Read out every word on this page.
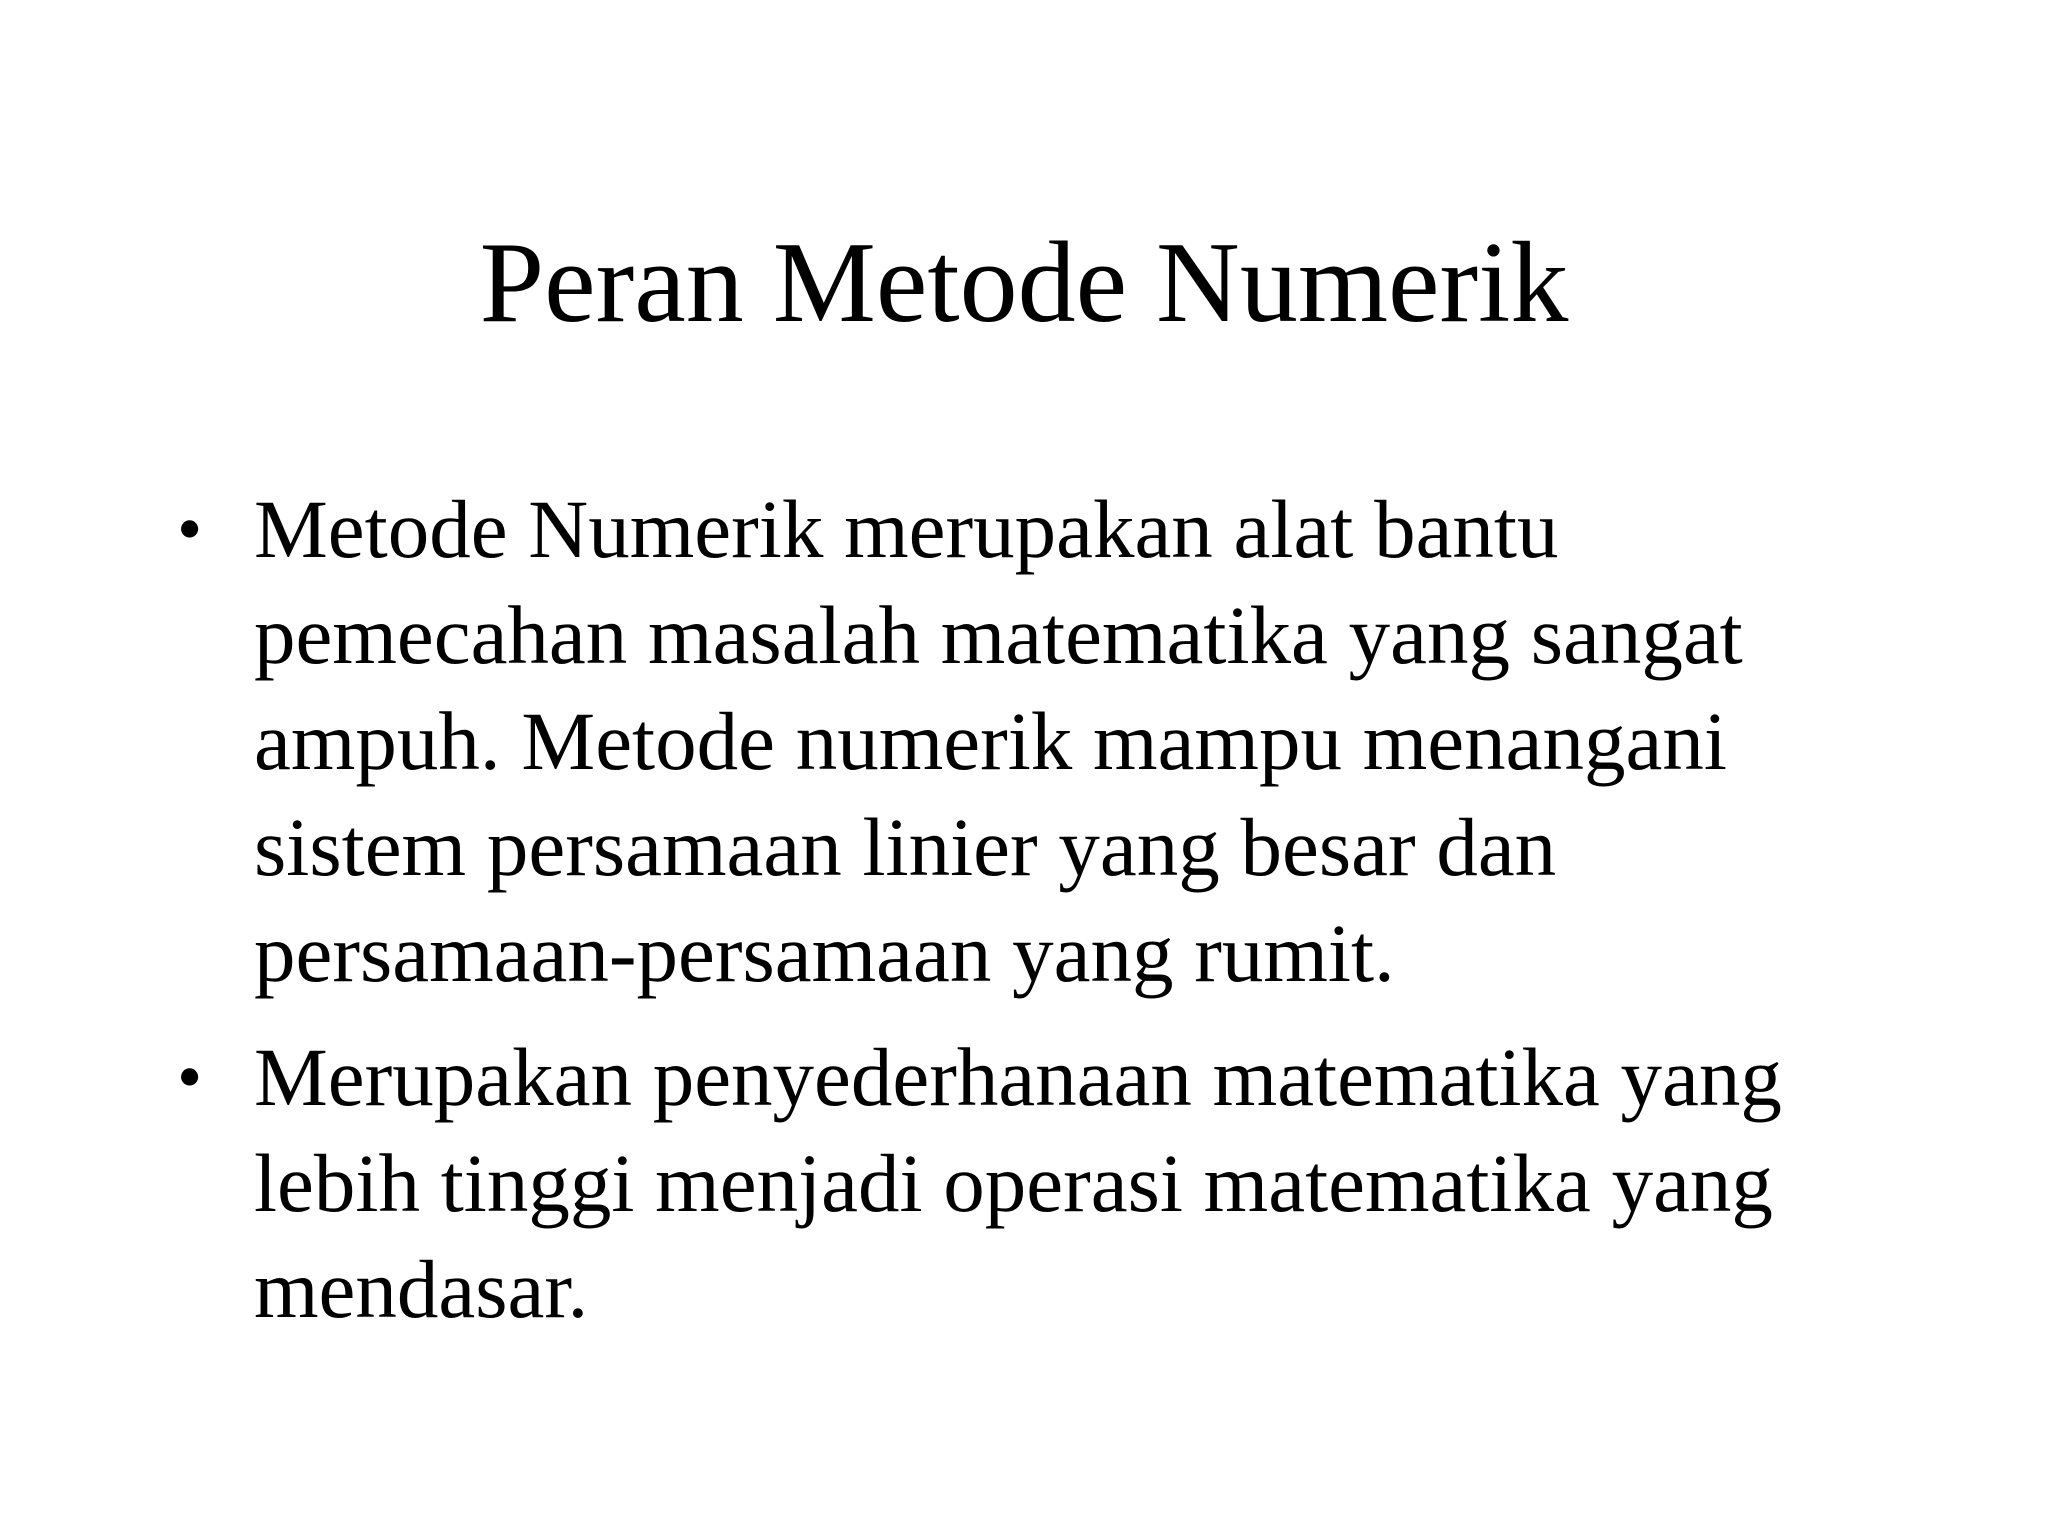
Peran Metode Numerik
• Metode Numerik merupakan alat bantu pemecahan masalah matematika yang sangat ampuh. Metode numerik mampu menangani sistem persamaan linier yang besar dan persamaan-persamaan yang rumit.
• Merupakan penyederhanaan matematika yang lebih tinggi menjadi operasi matematika yang mendasar.
